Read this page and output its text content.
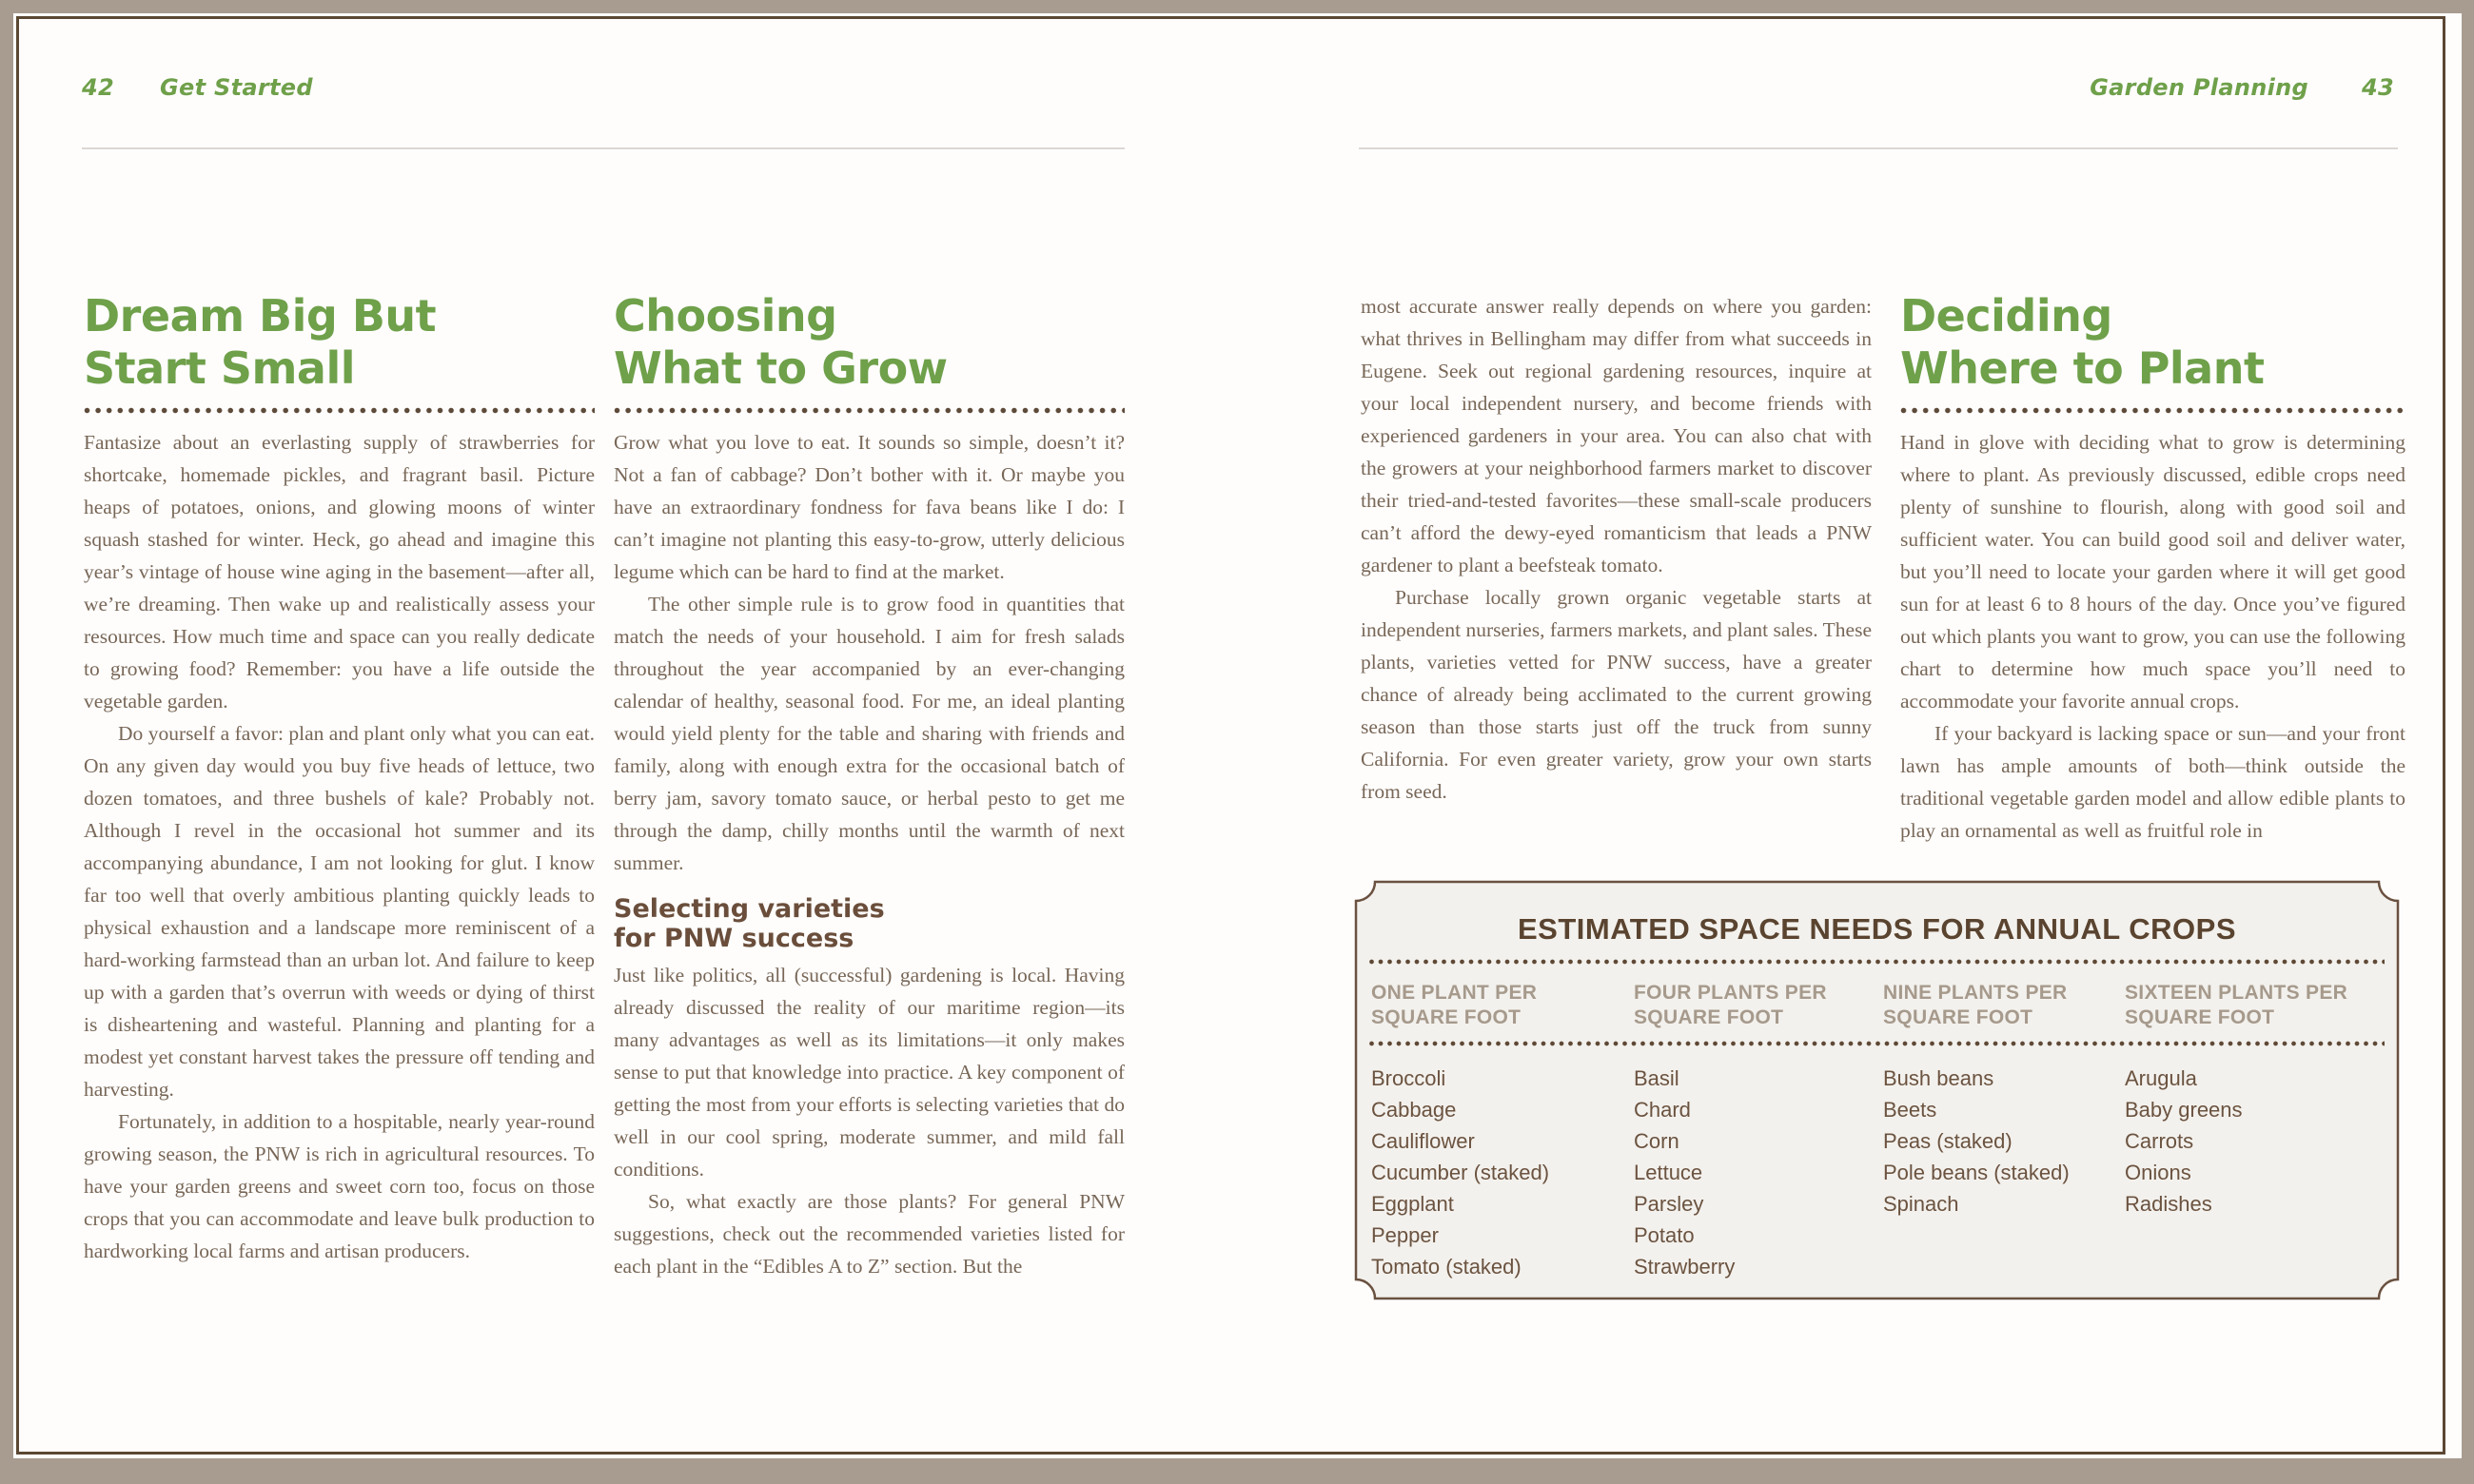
42 Get Started	Garden Planning 43
Dream Big But
Start Small

Fantasize about an everlasting supply of strawberries for shortcake, homemade pickles, and fragrant basil. Picture heaps of potatoes, onions, and glowing moons of winter squash stashed for winter. Heck, go ahead and imagine this year’s vintage of house wine aging in the basement—after all, we’re dreaming. Then wake up and realistically assess your resources. How much time and space can you really dedicate to growing food? Remember: you have a life outside the vegetable garden.

Do yourself a favor: plan and plant only what you can eat. On any given day would you buy five heads of lettuce, two dozen tomatoes, and three bushels of kale? Probably not. Although I revel in the occasional hot summer and its accompanying abundance, I am not looking for glut. I know far too well that overly ambitious planting quickly leads to physical exhaustion and a landscape more reminiscent of a hard-working farmstead than an urban lot. And failure to keep up with a garden that’s overrun with weeds or dying of thirst is disheartening and wasteful. Planning and planting for a modest yet constant harvest takes the pressure off tending and harvesting.

Fortunately, in addition to a hospitable, nearly year-round growing season, the PNW is rich in agricultural resources. To have your garden greens and sweet corn too, focus on those crops that you can accommodate and leave bulk production to hardworking local farms and artisan producers.

Choosing
What to Grow

Grow what you love to eat. It sounds so simple, doesn’t it? Not a fan of cabbage? Don’t bother with it. Or maybe you have an extraordinary fondness for fava beans like I do: I can’t imagine not planting this easy-to-grow, utterly delicious legume which can be hard to find at the market.

The other simple rule is to grow food in quantities that match the needs of your household. I aim for fresh salads throughout the year accompanied by an ever-changing calendar of healthy, seasonal food. For me, an ideal planting would yield plenty for the table and sharing with friends and family, along with enough extra for the occasional batch of berry jam, savory tomato sauce, or herbal pesto to get me through the damp, chilly months until the warmth of next summer.

Selecting varieties
for PNW success

Just like politics, all (successful) gardening is local. Having already discussed the reality of our maritime region—its many advantages as well as its limitations—it only makes sense to put that knowledge into practice. A key component of getting the most from your efforts is selecting varieties that do well in our cool spring, moderate summer, and mild fall conditions.

So, what exactly are those plants? For general PNW suggestions, check out the recommended varieties listed for each plant in the “Edibles A to Z” section. But the

most accurate answer really depends on where you garden: what thrives in Bellingham may differ from what succeeds in Eugene. Seek out regional gardening resources, inquire at your local independent nursery, and become friends with experienced gardeners in your area. You can also chat with the growers at your neighborhood farmers market to discover their tried-and-tested favorites—these small-scale producers can’t afford the dewy-eyed romanticism that leads a PNW gardener to plant a beefsteak tomato.

Purchase locally grown organic vegetable starts at independent nurseries, farmers markets, and plant sales. These plants, varieties vetted for PNW success, have a greater chance of already being acclimated to the current growing season than those starts just off the truck from sunny California. For even greater variety, grow your own starts from seed.

Deciding
Where to Plant

Hand in glove with deciding what to grow is determining where to plant. As previously discussed, edible crops need plenty of sunshine to flourish, along with good soil and sufficient water. You can build good soil and deliver water, but you’ll need to locate your garden where it will get good sun for at least 6 to 8 hours of the day. Once you’ve figured out which plants you want to grow, you can use the following chart to determine how much space you’ll need to accommodate your favorite annual crops.

If your backyard is lacking space or sun—and your front lawn has ample amounts of both—think outside the traditional vegetable garden model and allow edible plants to play an ornamental as well as fruitful role in

ESTIMATED SPACE NEEDS FOR ANNUAL CROPS
ONE PLANT PER
SQUARE FOOT
FOUR PLANTS PER
SQUARE FOOT
NINE PLANTS PER
SQUARE FOOT
SIXTEEN PLANTS PER
SQUARE FOOT
Broccoli
Cabbage
Cauliflower
Cucumber (staked)
Eggplant
Pepper
Tomato (staked)
Basil
Chard
Corn
Lettuce
Parsley
Potato
Strawberry
Bush beans
Beets
Peas (staked)
Pole beans (staked)
Spinach
Arugula
Baby greens
Carrots
Onions
Radishes
